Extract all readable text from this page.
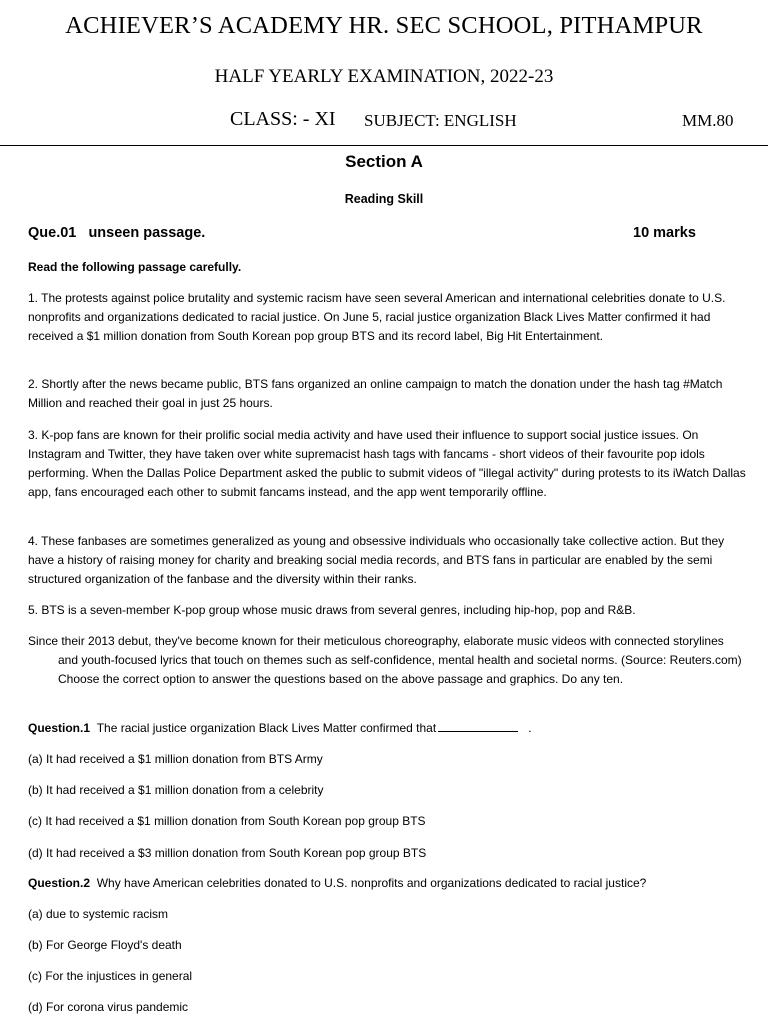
ACHIEVER’S ACADEMY HR. SEC SCHOOL, PITHAMPUR
HALF YEARLY EXAMINATION, 2022-23
CLASS: - XI SUBJECT: ENGLISH	MM.80
Section A
Reading Skill
Que.01   unseen passage.	10 marks
Read the following passage carefully.
1. The protests against police brutality and systemic racism have seen several American and international celebrities donate to U.S. nonprofits and organizations dedicated to racial justice. On June 5, racial justice organization Black Lives Matter confirmed it had received a $1 million donation from South Korean pop group BTS and its record label, Big Hit Entertainment.
2. Shortly after the news became public, BTS fans organized an online campaign to match the donation under the hash tag #Match Million and reached their goal in just 25 hours.
3. K-pop fans are known for their prolific social media activity and have used their influence to support social justice issues. On Instagram and Twitter, they have taken over white supremacist hash tags with fancams - short videos of their favourite pop idols performing. When the Dallas Police Department asked the public to submit videos of "illegal activity" during protests to its iWatch Dallas app, fans encouraged each other to submit fancams instead, and the app went temporarily offline.
4. These fanbases are sometimes generalized as young and obsessive individuals who occasionally take collective action. But they have a history of raising money for charity and breaking social media records, and BTS fans in particular are enabled by the semi structured organization of the fanbase and the diversity within their ranks.
5. BTS is a seven-member K-pop group whose music draws from several genres, including hip-hop, pop and R&B.
Since their 2013 debut, they've become known for their meticulous choreography, elaborate music videos with connected storylines and youth-focused lyrics that touch on themes such as self-confidence, mental health and societal norms. (Source: Reuters.com) Choose the correct option to answer the questions based on the above passage and graphics. Do any ten.
Question.1 The racial justice organization Black Lives Matter confirmed that	.
(a) It had received a $1 million donation from BTS Army
(b) It had received a $1 million donation from a celebrity
(c) It had received a $1 million donation from South Korean pop group BTS
(d) It had received a $3 million donation from South Korean pop group BTS
Question.2 Why have American celebrities donated to U.S. nonprofits and organizations dedicated to racial justice?
(a) due to systemic racism
(b) For George Floyd's death
(c) For the injustices in general
(d) For corona virus pandemic
